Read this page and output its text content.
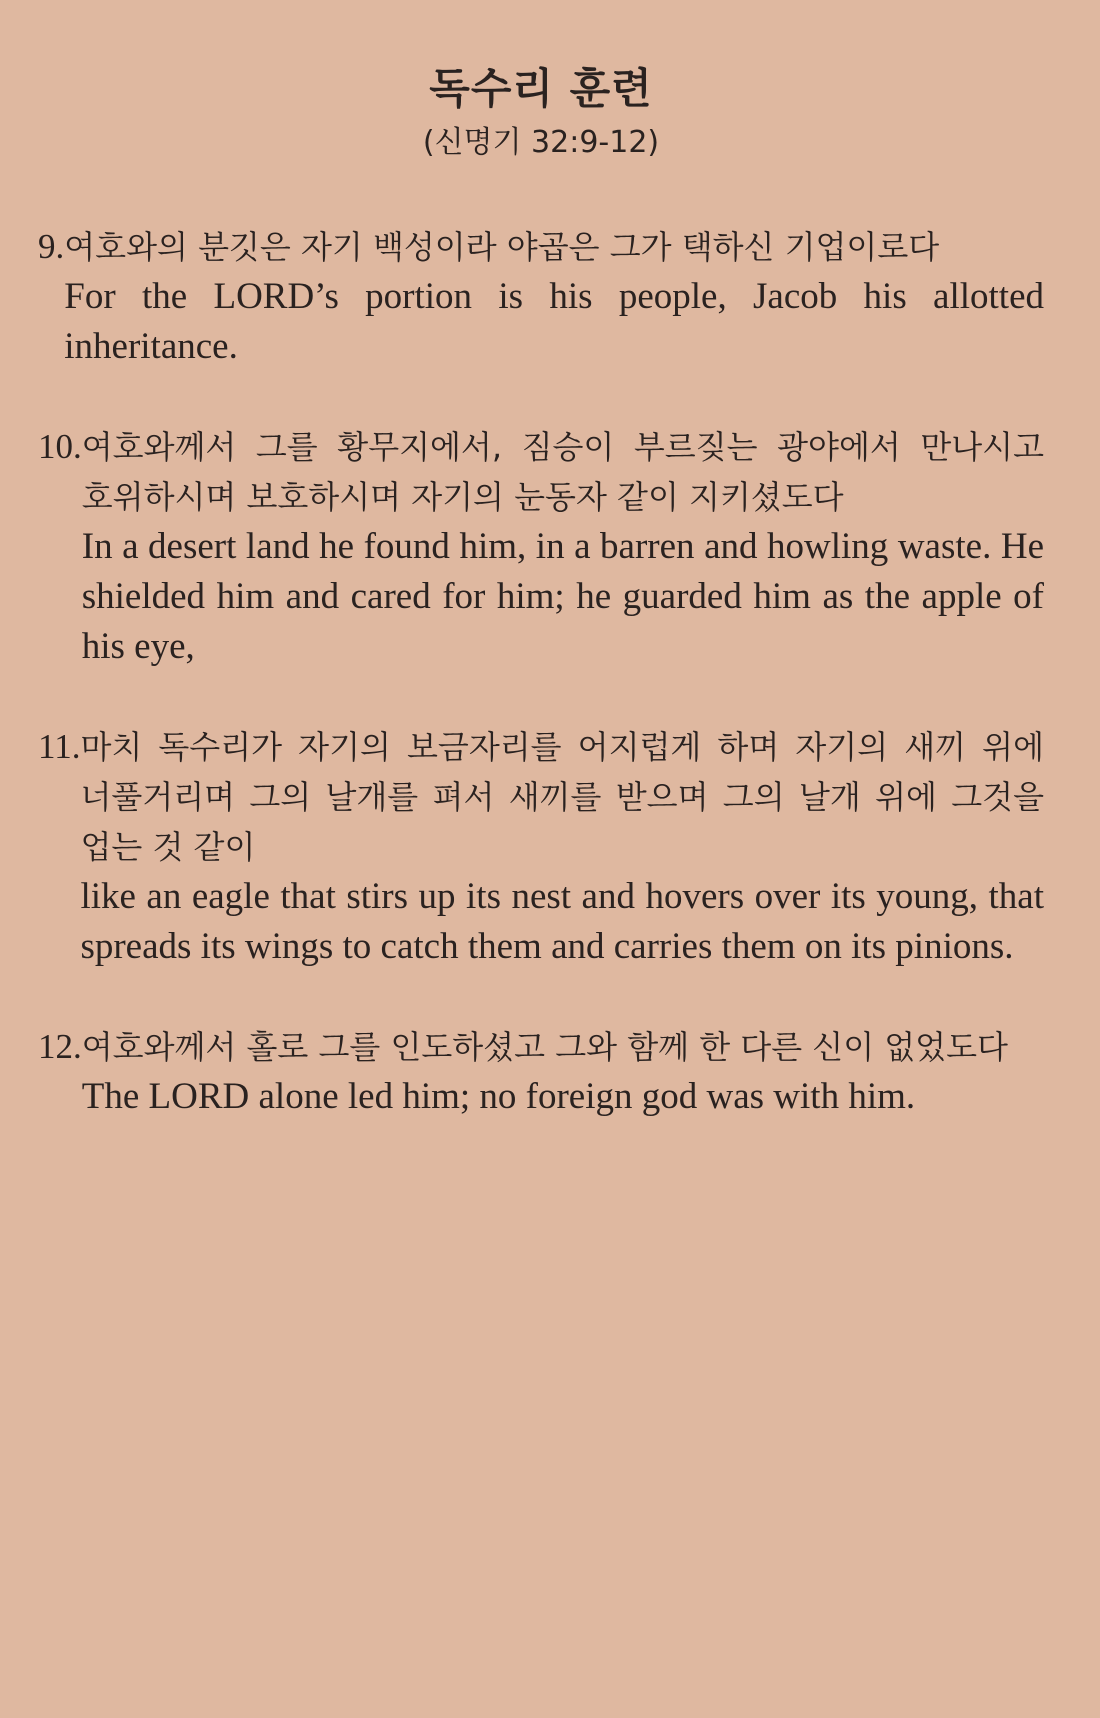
독수리 훈련
(신명기 32:9-12)
9. 여호와의 분깃은 자기 백성이라 야곱은 그가 택하신 기업이로다

For the LORD’s portion is his people, Jacob his allotted inheritance.

10. 여호와께서 그를 황무지에서, 짐승이 부르짖는 광야에서 만나시고 호위하시며 보호하시며 자기의 눈동자 같이 지키셨도다

In a desert land he found him, in a barren and howling waste. He shielded him and cared for him; he guarded him as the apple of his eye,

11. 마치 독수리가 자기의 보금자리를 어지럽게 하며 자기의 새끼 위에 너풀거리며 그의 날개를 펴서 새끼를 받으며 그의 날개 위에 그것을 업는 것 같이

like an eagle that stirs up its nest and hovers over its young, that spreads its wings to catch them and carries them on its pinions.

12. 여호와께서 홀로 그를 인도하셨고 그와 함께 한 다른 신이 없었도다

The LORD alone led him; no foreign god was with him.
